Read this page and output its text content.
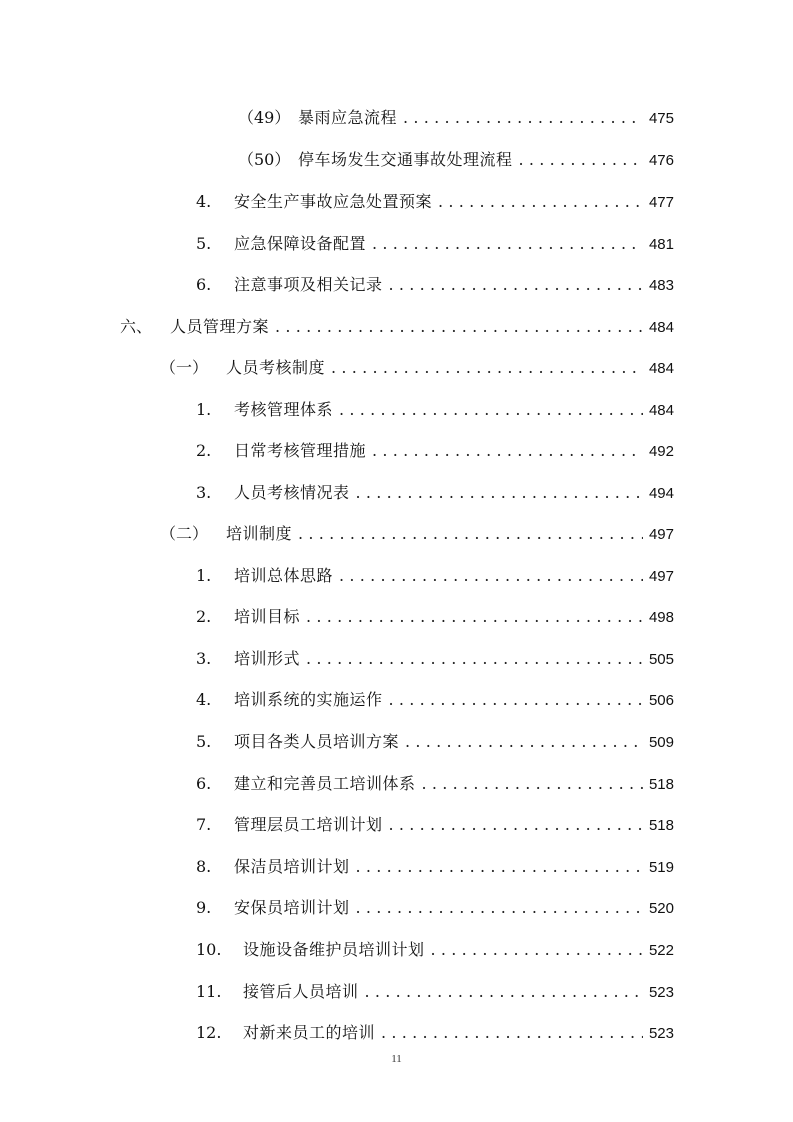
（49） 暴雨应急流程 . . .	475
（50） 停车场发生交通事故处理流程 . . .	476
4.	安全生产事故应急处置预案 . . .	477
5.	应急保障设备配置 . . .	481
6.	注意事项及相关记录 . . .	483
六、	人员管理方案 . . .	484
（一）	人员考核制度 . . .	484
1.	考核管理体系 . . .	484
2.	日常考核管理措施 . . .	492
3.	人员考核情况表 . . .	494
（二）	培训制度 . . .	497
1.	培训总体思路 . . .	497
2.	培训目标 . . .	498
3.	培训形式 . . .	505
4.	培训系统的实施运作 . . .	506
5.	项目各类人员培训方案 . . .	509
6.	建立和完善员工培训体系 . . .	518
7.	管理层员工培训计划 . . .	518
8.	保洁员培训计划 . . .	519
9.	安保员培训计划 . . .	520
10.	设施设备维护员培训计划 . . .	522
11.	接管后人员培训 . . .	523
12.	对新来员工的培训 . . .	523
11
